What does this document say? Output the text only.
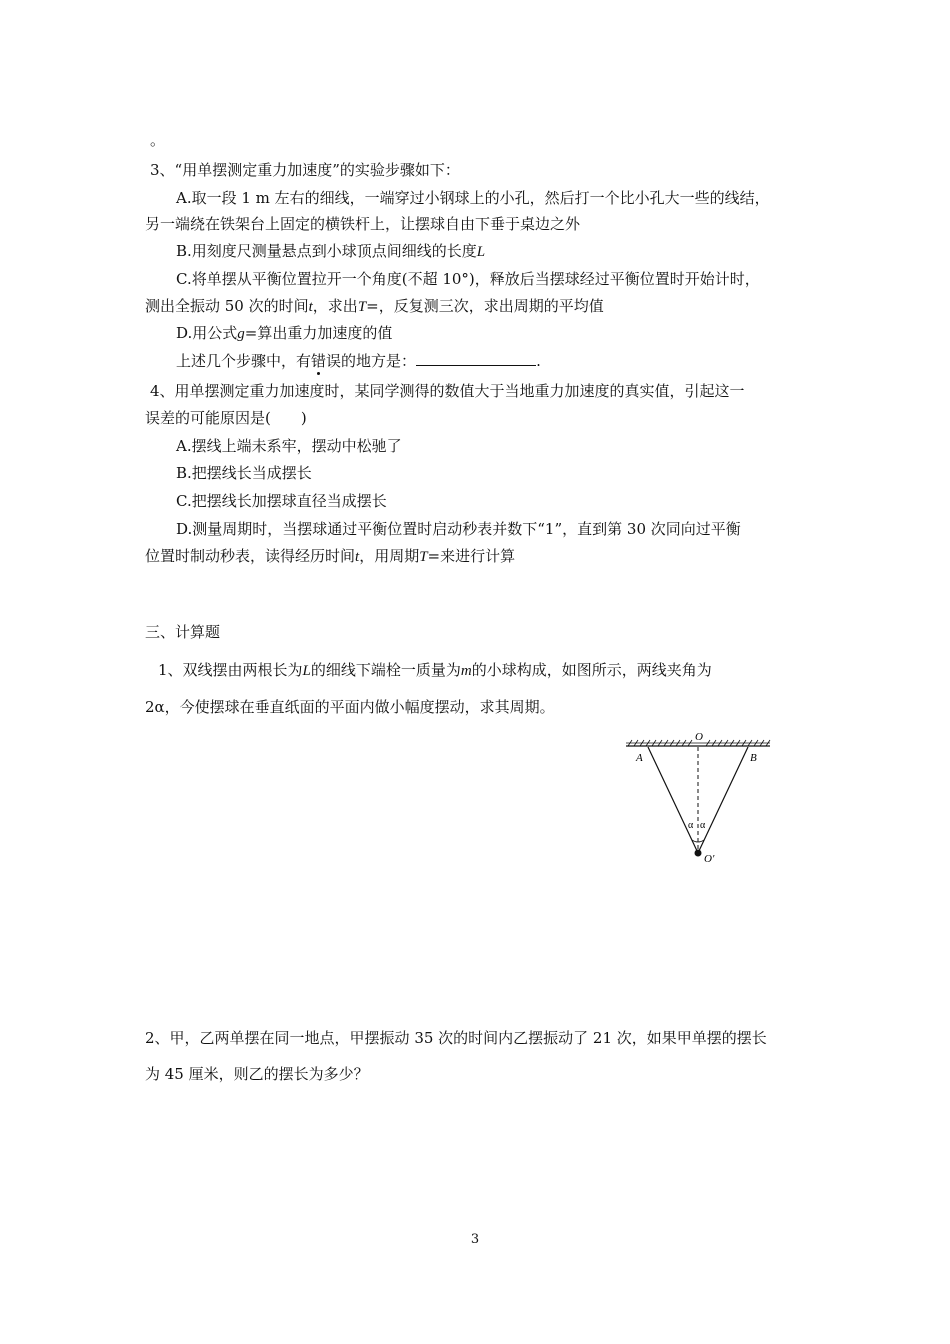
。
3、“用单摆测定重力加速度”的实验步骤如下：
A.取一段 1 m 左右的细线，一端穿过小钢球上的小孔，然后打一个比小孔大一些的线结，
另一端绕在铁架台上固定的横铁杆上，让摆球自由下垂于桌边之外
B.用刻度尺测量悬点到小球顶点间细线的长度L
C.将单摆从平衡位置拉开一个角度(不超 10°)，释放后当摆球经过平衡位置时开始计时，
测出全振动 50 次的时间t，求出T=，反复测三次，求出周期的平均值
D.用公式g=算出重力加速度的值
上述几个步骤中，有错误的地方是：	.
4、用单摆测定重力加速度时，某同学测得的数值大于当地重力加速度的真实值，引起这一
误差的可能原因是(　　)
A.摆线上端未系牢，摆动中松驰了
B.把摆线长当成摆长
C.把摆线长加摆球直径当成摆长
D.测量周期时，当摆球通过平衡位置时启动秒表并数下“1”，直到第 30 次同向过平衡
位置时制动秒表，读得经历时间t，用周期T=来进行计算
三、计算题
1、双线摆由两根长为L的细线下端栓一质量为m的小球构成，如图所示，两线夹角为
2α，今使摆球在垂直纸面的平面内做小幅度摆动，求其周期。
O
A	B
O′
α α
2、甲，乙两单摆在同一地点，甲摆振动 35 次的时间内乙摆振动了 21 次，如果甲单摆的摆长
为 45 厘米，则乙的摆长为多少？
3
